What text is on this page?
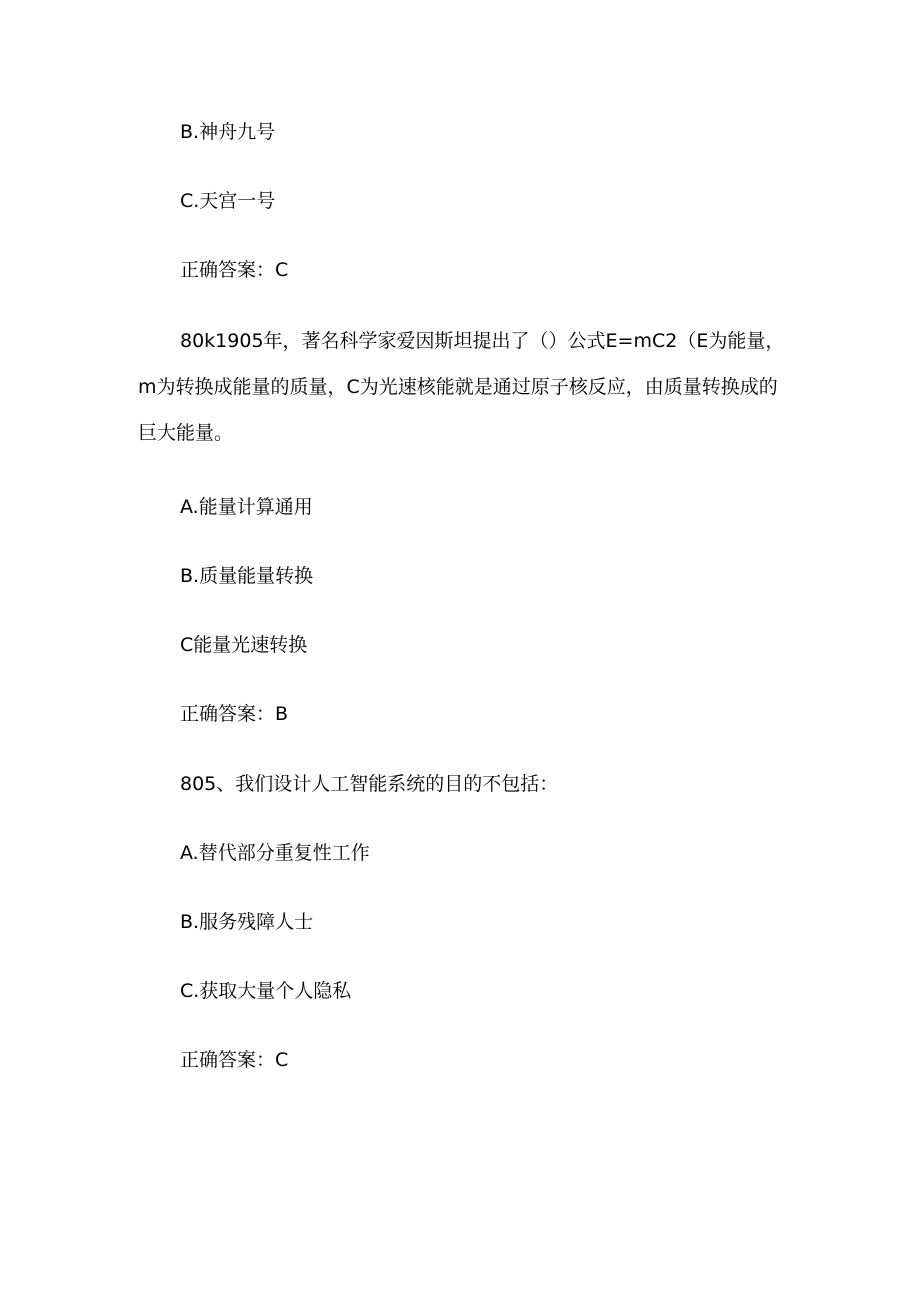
B.神舟九号
C.天宫一号
正确答案：C
80k1905年，著名科学家爱因斯坦提出了（）公式E=mC2（E为能量，m为转换成能量的质量，C为光速核能就是通过原子核反应，由质量转换成的巨大能量。
A.能量计算通用
B.质量能量转换
C能量光速转换
正确答案：B
805、我们设计人工智能系统的目的不包括：
A.替代部分重复性工作
B.服务残障人士
C.获取大量个人隐私
正确答案：C
